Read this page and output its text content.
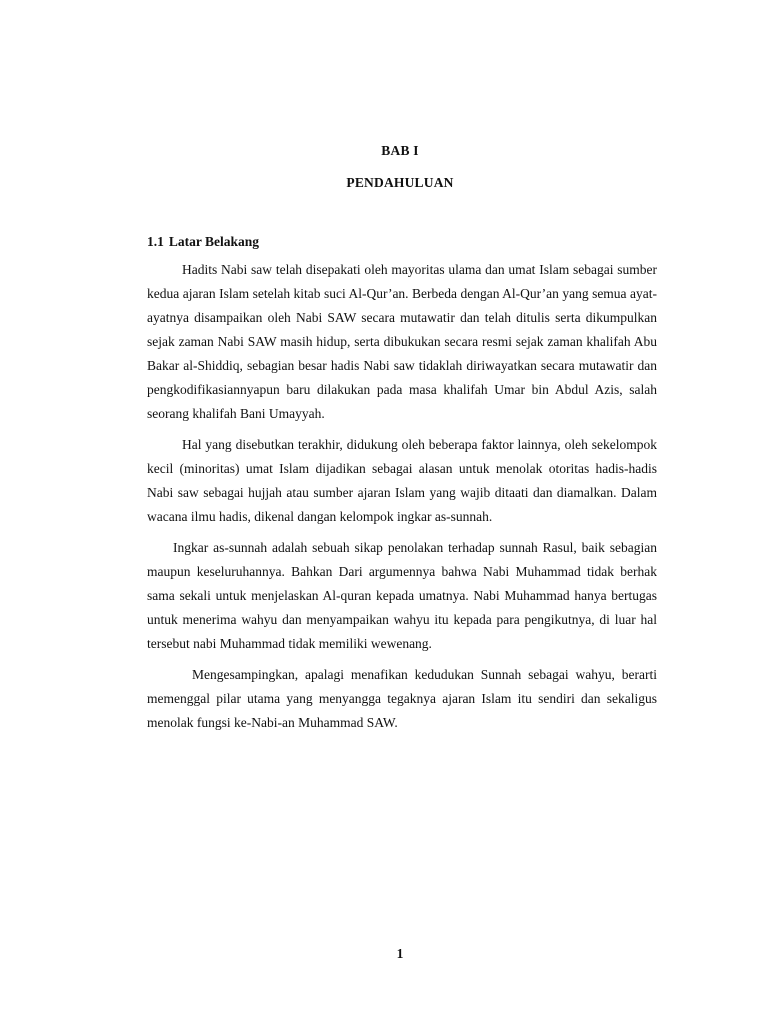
BAB I
PENDAHULUAN
1.1 Latar Belakang

Hadits Nabi saw telah disepakati oleh mayoritas ulama dan umat Islam sebagai sumber kedua ajaran Islam setelah kitab suci Al-Qur’an. Berbeda dengan Al-Qur’an yang semua ayat-ayatnya disampaikan oleh Nabi SAW secara mutawatir dan telah ditulis serta dikumpulkan sejak zaman Nabi SAW masih hidup, serta dibukukan secara resmi sejak zaman khalifah Abu Bakar al-Shiddiq, sebagian besar hadis Nabi saw tidaklah diriwayatkan secara mutawatir dan pengkodifikasiannyapun baru dilakukan pada masa khalifah Umar bin Abdul Azis, salah seorang khalifah Bani Umayyah.

Hal yang disebutkan terakhir, didukung oleh beberapa faktor lainnya, oleh sekelompok kecil (minoritas) umat Islam dijadikan sebagai alasan untuk menolak otoritas hadis-hadis Nabi saw sebagai hujjah atau sumber ajaran Islam yang wajib ditaati dan diamalkan. Dalam wacana ilmu hadis, dikenal dangan kelompok ingkar as-sunnah.

Ingkar as-sunnah adalah sebuah sikap penolakan terhadap sunnah Rasul, baik sebagian maupun keseluruhannya. Bahkan Dari argumennya bahwa Nabi Muhammad tidak berhak sama sekali untuk menjelaskan Al-quran kepada umatnya. Nabi Muhammad hanya bertugas untuk menerima wahyu dan menyampaikan wahyu itu kepada para pengikutnya, di luar hal tersebut nabi Muhammad tidak memiliki wewenang.

Mengesampingkan, apalagi menafikan kedudukan Sunnah sebagai wahyu, berarti memenggal pilar utama yang menyangga tegaknya ajaran Islam itu sendiri dan sekaligus menolak fungsi ke-Nabi-an Muhammad SAW.

1
